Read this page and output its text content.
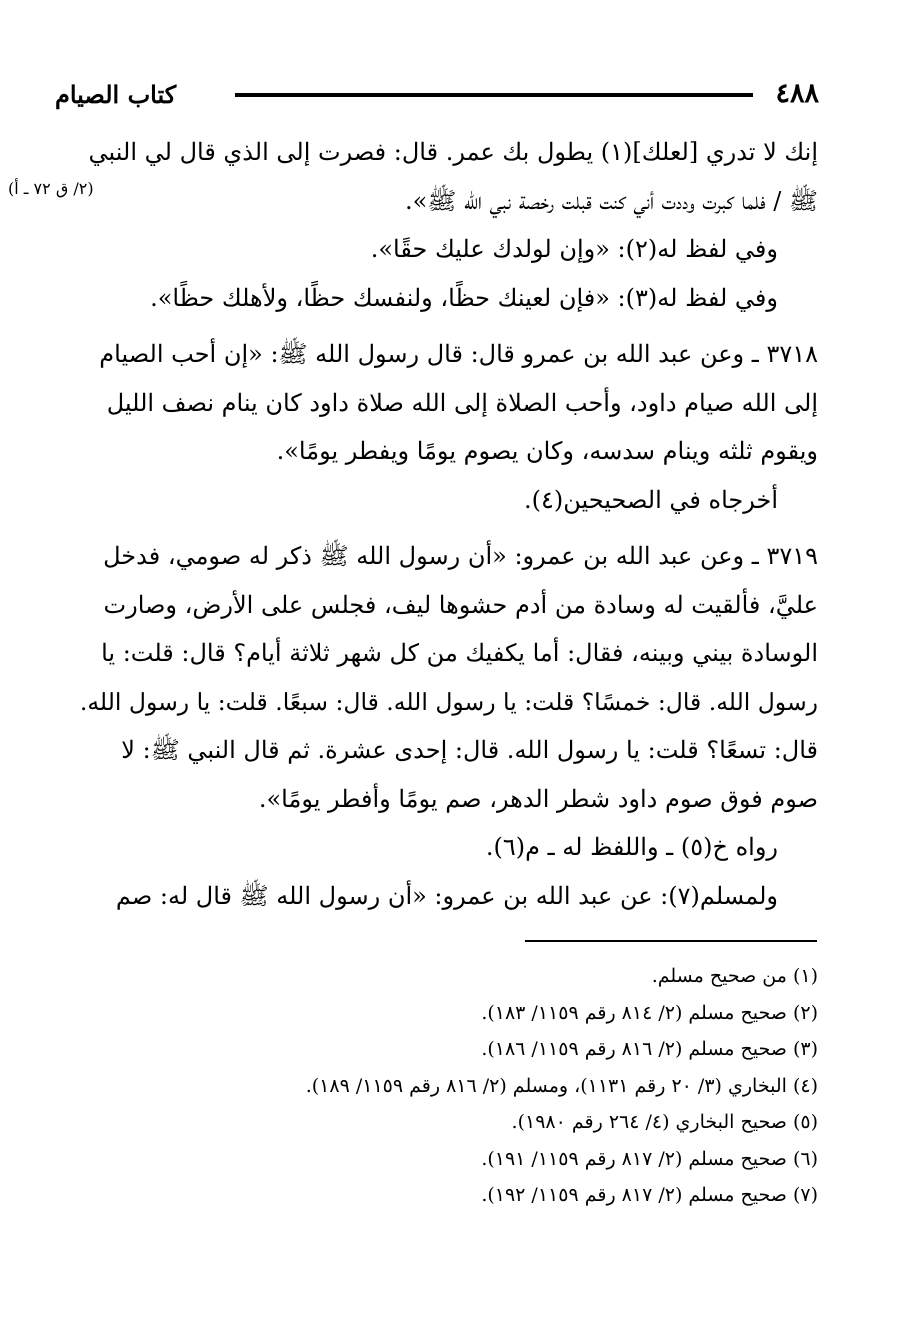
٤٨٨
كتاب الصيام
(٢/ ق ٧٢ ـ أ)
إنك لا تدري [لعلك](١) يطول بك عمر. قال: فصرت إلى الذي قال لي النبي
ﷺ / فلما كبرت وددت أني كنت قبلت رخصة نبي الله ﷺ».
وفي لفظ له(٢): «وإن لولدك عليك حقًا».
وفي لفظ له(٣): «فإن لعينك حظًا، ولنفسك حظًا، ولأهلك حظًا».
٣٧١٨ ـ وعن عبد الله بن عمرو قال: قال رسول الله ﷺ: «إن أحب الصيام
إلى الله صيام داود، وأحب الصلاة إلى الله صلاة داود كان ينام نصف الليل
ويقوم ثلثه وينام سدسه، وكان يصوم يومًا ويفطر يومًا».
أخرجاه في الصحيحين(٤).
٣٧١٩ ـ وعن عبد الله بن عمرو: «أن رسول الله ﷺ ذكر له صومي، فدخل
عليَّ، فألقيت له وسادة من أدم حشوها ليف، فجلس على الأرض، وصارت
الوسادة بيني وبينه، فقال: أما يكفيك من كل شهر ثلاثة أيام؟ قال: قلت: يا
رسول الله. قال: خمسًا؟ قلت: يا رسول الله. قال: سبعًا. قلت: يا رسول الله.
قال: تسعًا؟ قلت: يا رسول الله. قال: إحدى عشرة. ثم قال النبي ﷺ: لا
صوم فوق صوم داود شطر الدهر، صم يومًا وأفطر يومًا».
رواه خ(٥) ـ واللفظ له ـ م(٦).
ولمسلم(٧): عن عبد الله بن عمرو: «أن رسول الله ﷺ قال له: صم
(١) من صحيح مسلم.
(٢) صحيح مسلم (٢/ ٨١٤ رقم ١١٥٩/ ١٨٣).
(٣) صحيح مسلم (٢/ ٨١٦ رقم ١١٥٩/ ١٨٦).
(٤) البخاري (٣/ ٢٠ رقم ١١٣١)، ومسلم (٢/ ٨١٦ رقم ١١٥٩/ ١٨٩).
(٥) صحيح البخاري (٤/ ٢٦٤ رقم ١٩٨٠).
(٦) صحيح مسلم (٢/ ٨١٧ رقم ١١٥٩/ ١٩١).
(٧) صحيح مسلم (٢/ ٨١٧ رقم ١١٥٩/ ١٩٢).
